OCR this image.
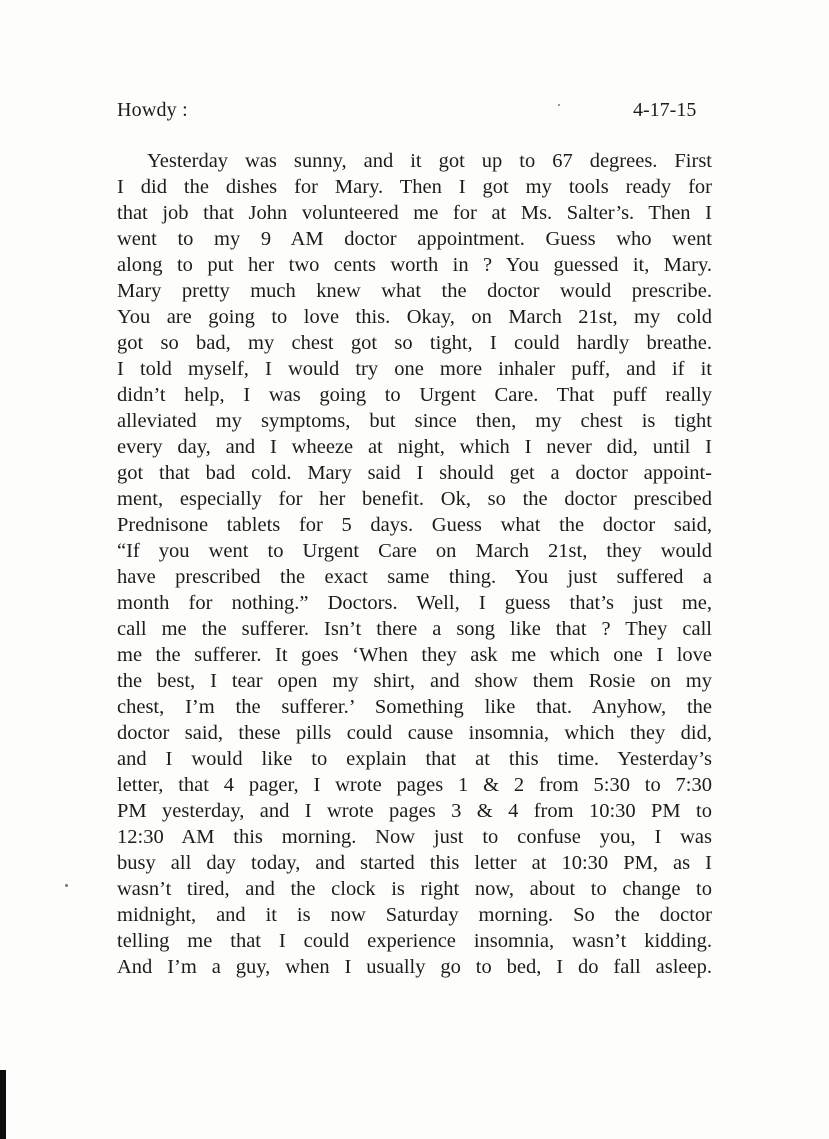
Howdy :	4-17-15
Yesterday was sunny, and it got up to 67 degrees. First
I did the dishes for Mary. Then I got my tools ready for
that job that John volunteered me for at Ms. Salter’s. Then I
went to my 9 AM doctor appointment. Guess who went
along to put her two cents worth in ? You guessed it, Mary.
Mary pretty much knew what the doctor would prescribe.
You are going to love this. Okay, on March 21st, my cold
got so bad, my chest got so tight, I could hardly breathe.
I told myself, I would try one more inhaler puff, and if it
didn’t help, I was going to Urgent Care. That puff really
alleviated my symptoms, but since then, my chest is tight
every day, and I wheeze at night, which I never did, until I
got that bad cold. Mary said I should get a doctor appoint-
ment, especially for her benefit. Ok, so the doctor prescibed
Prednisone tablets for 5 days. Guess what the doctor said,
“If you went to Urgent Care on March 21st, they would
have prescribed the exact same thing. You just suffered a
month for nothing.” Doctors. Well, I guess that’s just me,
call me the sufferer. Isn’t there a song like that ? They call
me the sufferer. It goes ‘When they ask me which one I love
the best, I tear open my shirt, and show them Rosie on my
chest, I’m the sufferer.’ Something like that. Anyhow, the
doctor said, these pills could cause insomnia, which they did,
and I would like to explain that at this time. Yesterday’s
letter, that 4 pager, I wrote pages 1 & 2 from 5:30 to 7:30
PM yesterday, and I wrote pages 3 & 4 from 10:30 PM to
12:30 AM this morning. Now just to confuse you, I was
busy all day today, and started this letter at 10:30 PM, as I
wasn’t tired, and the clock is right now, about to change to
midnight, and it is now Saturday morning. So the doctor
telling me that I could experience insomnia, wasn’t kidding.
And I’m a guy, when I usually go to bed, I do fall asleep.
